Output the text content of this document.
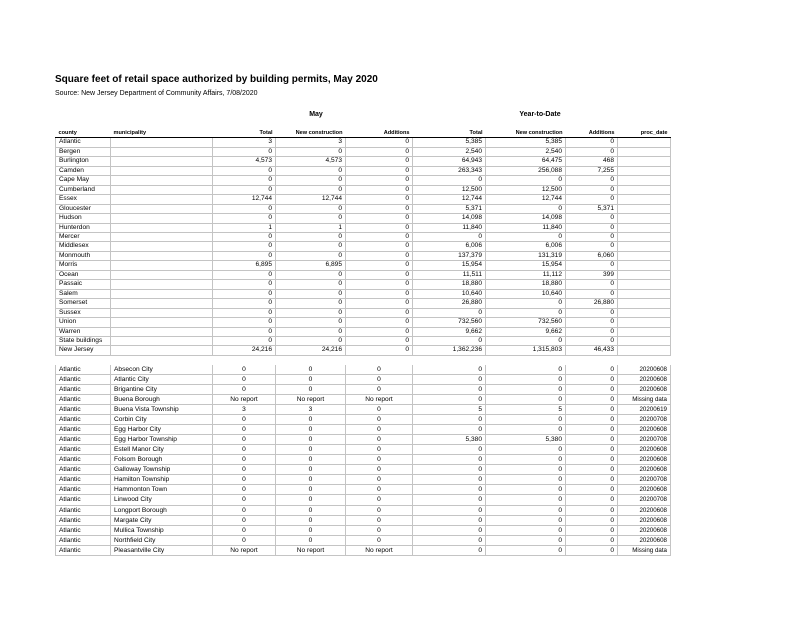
Square feet of retail space authorized by building permits, May 2020
Source: New Jersey Department of Community Affairs, 7/08/2020
May	Year-to-Date
county	municipality	Total	New construction	Additions	Total	New construction	Additions	proc_date
Atlantic		3	3	0	5,385	5,385	0	
Bergen		0	0	0	2,540	2,540	0	
Burlington		4,573	4,573	0	64,943	64,475	468	
Camden		0	0	0	263,343	256,088	7,255	
Cape May		0	0	0	0	0	0	
Cumberland		0	0	0	12,500	12,500	0	
Essex		12,744	12,744	0	12,744	12,744	0	
Gloucester		0	0	0	5,371	0	5,371	
Hudson		0	0	0	14,098	14,098	0	
Hunterdon		1	1	0	11,840	11,840	0	
Mercer		0	0	0	0	0	0	
Middlesex		0	0	0	6,006	6,006	0	
Monmouth		0	0	0	137,379	131,319	6,060	
Morris		6,895	6,895	0	15,954	15,954	0	
Ocean		0	0	0	11,511	11,112	399	
Passaic		0	0	0	18,880	18,880	0	
Salem		0	0	0	10,640	10,640	0	
Somerset		0	0	0	26,880	0	26,880	
Sussex		0	0	0	0	0	0	
Union		0	0	0	732,560	732,560	0	
Warren		0	0	0	9,662	9,662	0	
State buildings		0	0	0	0	0	0	
New Jersey		24,216	24,216	0	1,362,236	1,315,803	46,433	

Atlantic	Absecon City	0	0	0	0	0	0	20200608
Atlantic	Atlantic City	0	0	0	0	0	0	20200608
Atlantic	Brigantine City	0	0	0	0	0	0	20200608
Atlantic	Buena Borough	No report	No report	No report	0	0	0	Missing data
Atlantic	Buena Vista Township	3	3	0	5	5	0	20200619
Atlantic	Corbin City	0	0	0	0	0	0	20200708
Atlantic	Egg Harbor City	0	0	0	0	0	0	20200608
Atlantic	Egg Harbor Township	0	0	0	5,380	5,380	0	20200708
Atlantic	Estell Manor City	0	0	0	0	0	0	20200608
Atlantic	Folsom Borough	0	0	0	0	0	0	20200608
Atlantic	Galloway Township	0	0	0	0	0	0	20200608
Atlantic	Hamilton Township	0	0	0	0	0	0	20200708
Atlantic	Hammonton Town	0	0	0	0	0	0	20200608
Atlantic	Linwood City	0	0	0	0	0	0	20200708
Atlantic	Longport Borough	0	0	0	0	0	0	20200608
Atlantic	Margate City	0	0	0	0	0	0	20200608
Atlantic	Mullica Township	0	0	0	0	0	0	20200608
Atlantic	Northfield City	0	0	0	0	0	0	20200608
Atlantic	Pleasantville City	No report	No report	No report	0	0	0	Missing data
